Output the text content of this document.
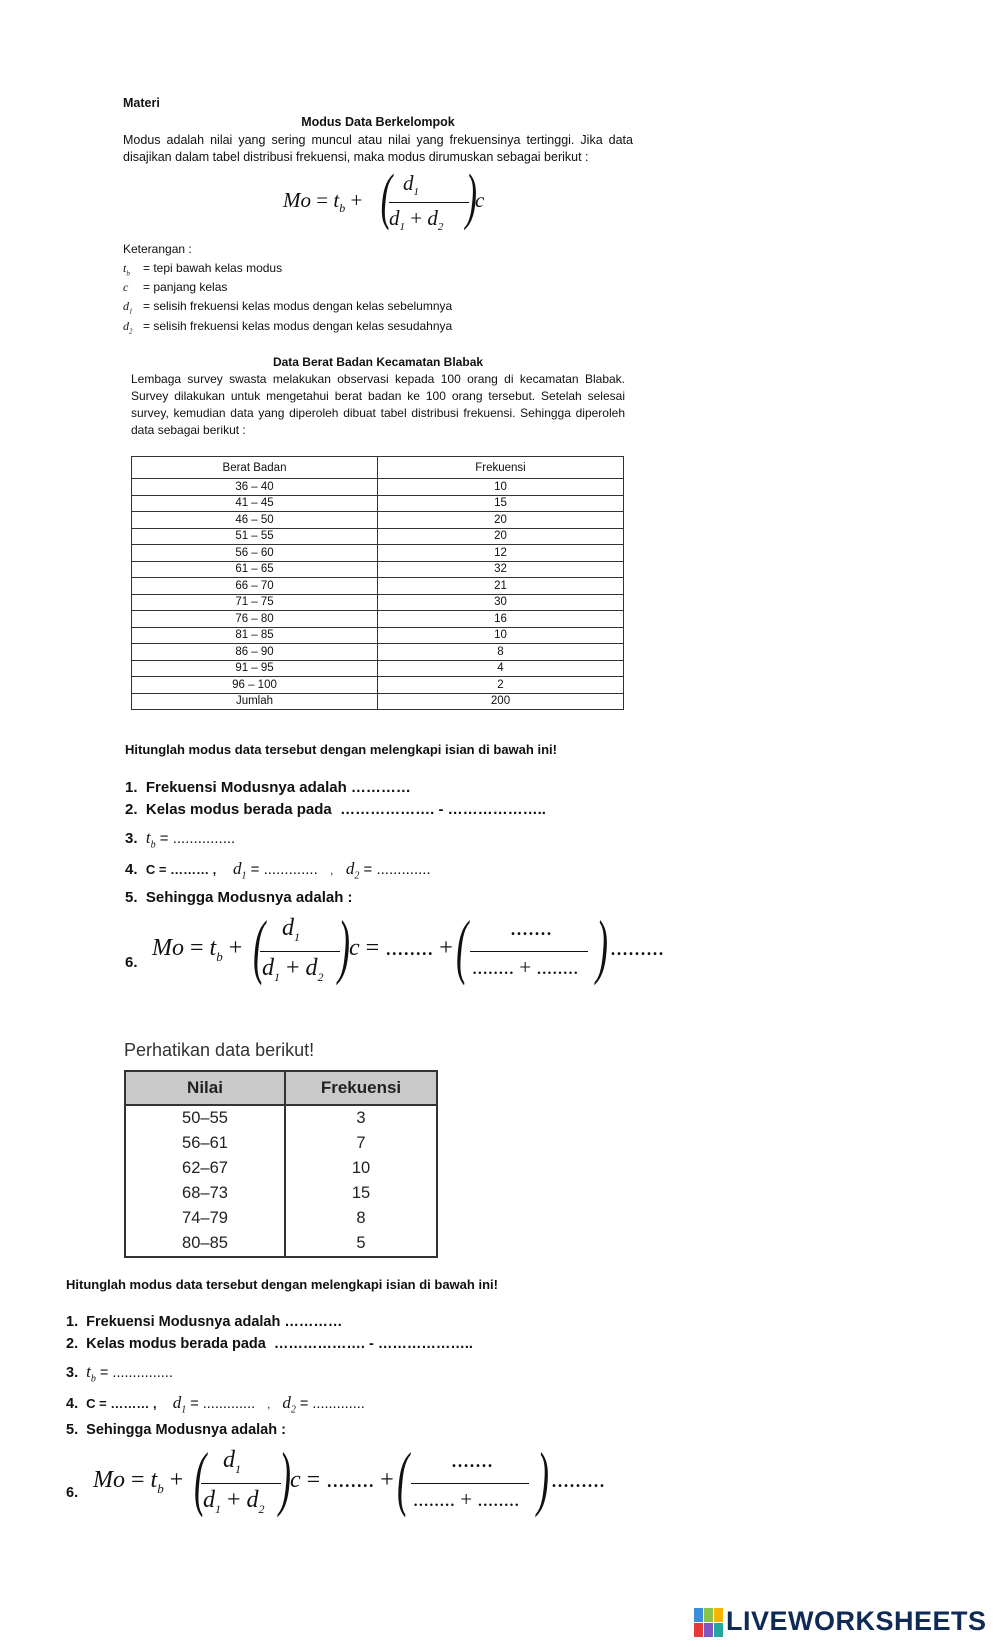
Materi
Modus Data Berkelompok
Modus adalah nilai yang sering muncul atau nilai yang frekuensinya tertinggi. Jika data disajikan dalam tabel distribusi frekuensi, maka modus dirumuskan sebagai berikut :
$Mo = t_b$ + ( $d_1$
$d_1 + d_2$ )
c
Keterangan :
$t_b$ = tepi bawah kelas modus
c = panjang kelas
$d_1$ = selisih frekuensi kelas modus dengan kelas sebelumnya
$d_2$ = selisih frekuensi kelas modus dengan kelas sesudahnya
Data Berat Badan Kecamatan Blabak
Lembaga survey swasta melakukan observasi kepada 100 orang di kecamatan Blabak. Survey dilakukan untuk mengetahui berat badan ke 100 orang tersebut. Setelah selesai survey, kemudian data yang diperoleh dibuat tabel distribusi frekuensi. Sehingga diperoleh data sebagai berikut :
Berat Badan	Frekuensi
36 – 40	10
41 – 45	15
46 – 50	20
51 – 55	20
56 – 60	12
61 – 65	32
66 – 70	21
71 – 75	30
76 – 80	16
81 – 85	10
86 – 90	8
91 – 95	4
96 – 100	2
Jumlah	200
Hitunglah modus data tersebut dengan melengkapi isian di bawah ini!
1. Frekuensi Modusnya adalah …………
2. Kelas modus berada pada ………………. - ………………..
3. $t_b$ = ...............
4. C = ……… , $d_1$ = ............. , $d_2$ = .............
5. Sehingga Modusnya adalah :
6.
$Mo = t_b$ + ( $d_1$
$d_1 + d_2$ ) c = ........ + ( .......
........ + ........ ) .........
Perhatikan data berikut!
Nilai	Frekuensi
50–55	3
56–61	7
62–67	10
68–73	15
74–79	8
80–85	5
Hitunglah modus data tersebut dengan melengkapi isian di bawah ini!
1. Frekuensi Modusnya adalah …………
2. Kelas modus berada pada ………………. - ………………..
3. $t_b$ = ...............
4. C = ……… , $d_1$ = ............. , $d_2$ = .............
5. Sehingga Modusnya adalah :
6. $Mo = t_b$ + ( $d_1$
$d_1 + d_2$ ) c = ........ + ( .......
........ + ........ ) .........
LIVEWORKSHEETS
